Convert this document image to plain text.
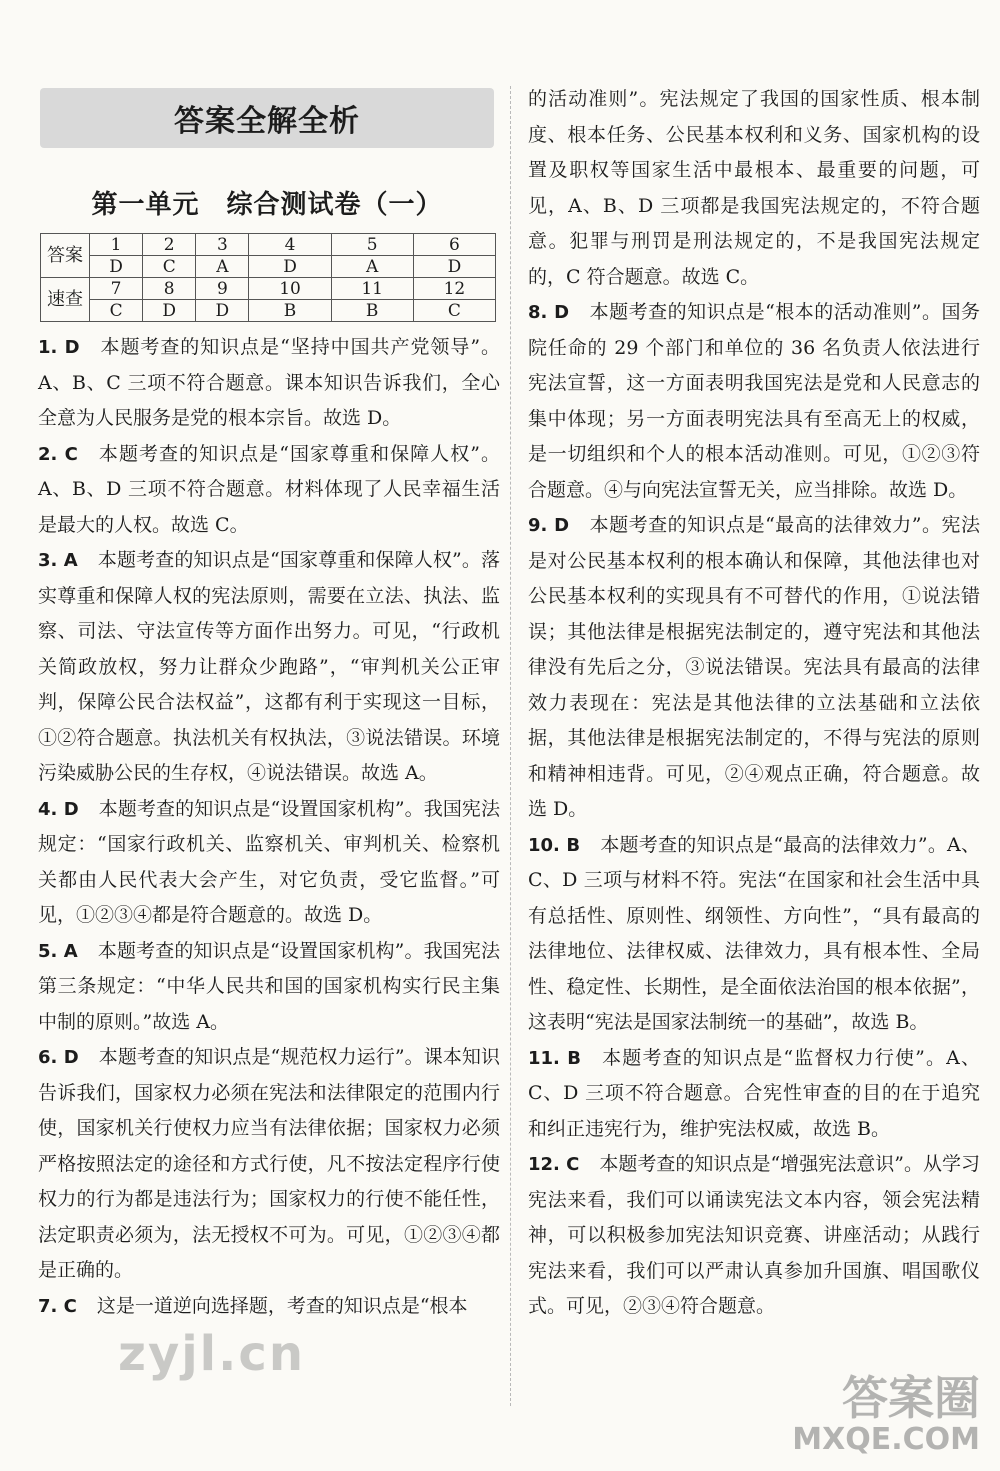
答案全解全析
第一单元　综合测试卷（一）
答案	1	2	3	4	5	6
	D	C	A	D	A	D
速查	7	8	9	10	11	12
	C	D	D	B	B	C
1. D 本题考查的知识点是“坚持中国共产党领导”。A、B、C 三项不符合题意。课本知识告诉我们，全心全意为人民服务是党的根本宗旨。故选 D。
2. C 本题考查的知识点是“国家尊重和保障人权”。A、B、D 三项不符合题意。材料体现了人民幸福生活是最大的人权。故选 C。
3. A 本题考查的知识点是“国家尊重和保障人权”。落实尊重和保障人权的宪法原则，需要在立法、执法、监察、司法、守法宣传等方面作出努力。可见，“行政机关简政放权，努力让群众少跑路”，“审判机关公正审判，保障公民合法权益”，这都有利于实现这一目标，①②符合题意。执法机关有权执法，③说法错误。环境污染威胁公民的生存权，④说法错误。故选 A。
4. D 本题考查的知识点是“设置国家机构”。我国宪法规定：“国家行政机关、监察机关、审判机关、检察机关都由人民代表大会产生，对它负责，受它监督。”可见，①②③④都是符合题意的。故选 D。
5. A 本题考查的知识点是“设置国家机构”。我国宪法第三条规定：“中华人民共和国的国家机构实行民主集中制的原则。”故选 A。
6. D 本题考查的知识点是“规范权力运行”。课本知识告诉我们，国家权力必须在宪法和法律限定的范围内行使，国家机关行使权力应当有法律依据；国家权力必须严格按照法定的途径和方式行使，凡不按法定程序行使权力的行为都是违法行为；国家权力的行使不能任性，法定职责必须为，法无授权不可为。可见，①②③④都是正确的。
7. C 这是一道逆向选择题，考查的知识点是“根本
的活动准则”。宪法规定了我国的国家性质、根本制度、根本任务、公民基本权利和义务、国家机构的设置及职权等国家生活中最根本、最重要的问题，可见，A、B、D 三项都是我国宪法规定的，不符合题意。犯罪与刑罚是刑法规定的，不是我国宪法规定的，C 符合题意。故选 C。
8. D 本题考查的知识点是“根本的活动准则”。国务院任命的 29 个部门和单位的 36 名负责人依法进行宪法宣誓，这一方面表明我国宪法是党和人民意志的集中体现；另一方面表明宪法具有至高无上的权威，是一切组织和个人的根本活动准则。可见，①②③符合题意。④与向宪法宣誓无关，应当排除。故选 D。
9. D 本题考查的知识点是“最高的法律效力”。宪法是对公民基本权利的根本确认和保障，其他法律也对公民基本权利的实现具有不可替代的作用，①说法错误；其他法律是根据宪法制定的，遵守宪法和其他法律没有先后之分，③说法错误。宪法具有最高的法律效力表现在：宪法是其他法律的立法基础和立法依据，其他法律是根据宪法制定的，不得与宪法的原则和精神相违背。可见，②④观点正确，符合题意。故选 D。
10. B 本题考查的知识点是“最高的法律效力”。A、C、D 三项与材料不符。宪法“在国家和社会生活中具有总括性、原则性、纲领性、方向性”，“具有最高的法律地位、法律权威、法律效力，具有根本性、全局性、稳定性、长期性，是全面依法治国的根本依据”，这表明“宪法是国家法制统一的基础”，故选 B。
11. B 本题考查的知识点是“监督权力行使”。A、C、D 三项不符合题意。合宪性审查的目的在于追究和纠正违宪行为，维护宪法权威，故选 B。
12. C 本题考查的知识点是“增强宪法意识”。从学习宪法来看，我们可以诵读宪法文本内容，领会宪法精神，可以积极参加宪法知识竞赛、讲座活动；从践行宪法来看，我们可以严肃认真参加升国旗、唱国歌仪式。可见，②③④符合题意。
zyjl.cn
答案圈
MXQE.COM
